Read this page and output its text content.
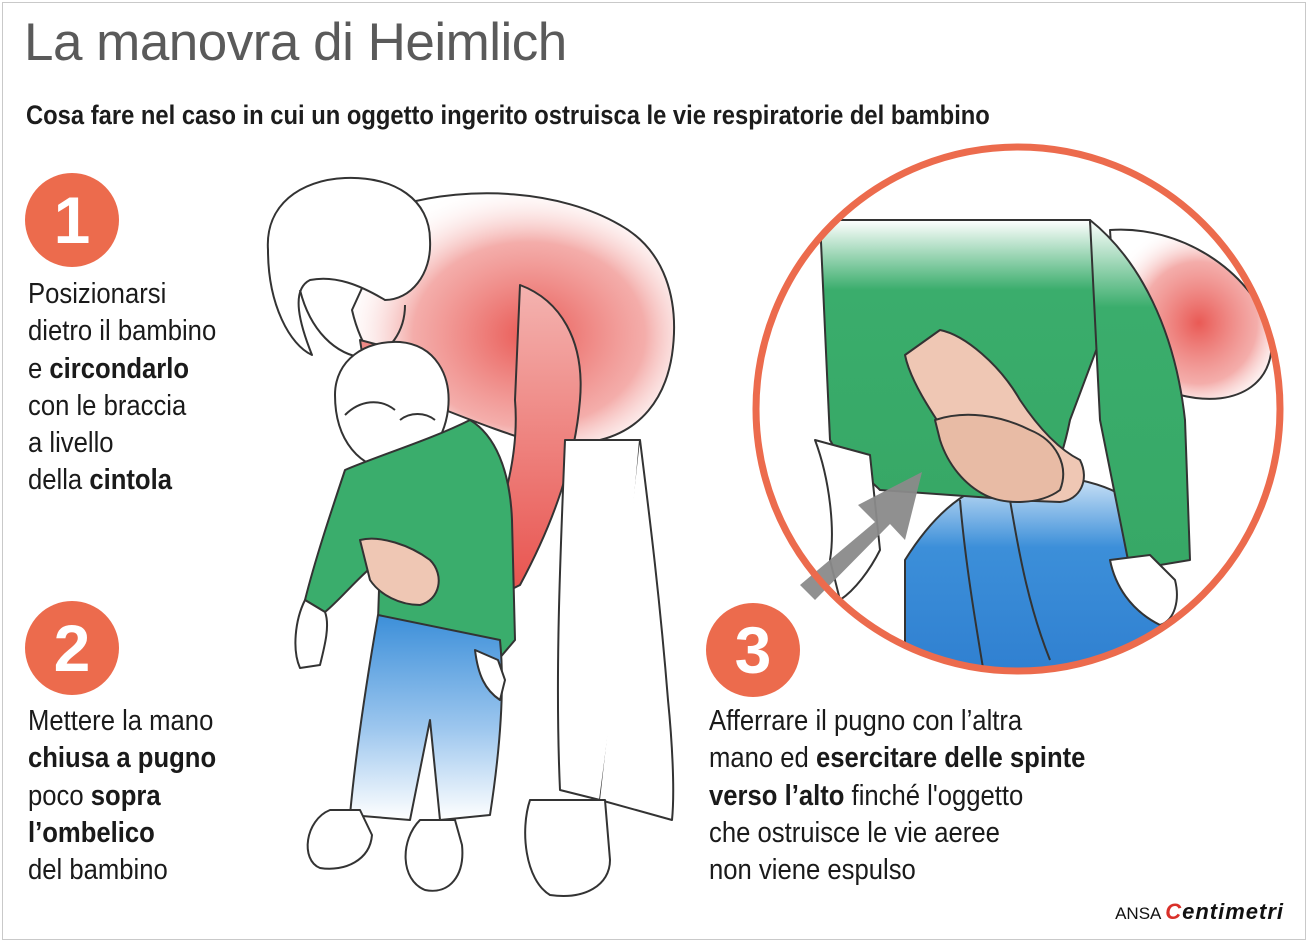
La manovra di Heimlich
Cosa fare nel caso in cui un oggetto ingerito ostruisca le vie respiratorie del bambino
1
Posizionarsi
dietro il bambino
e circondarlo
con le braccia
a livello
della cintola
2
Mettere la mano
chiusa a pugno
poco sopra
l’ombelico
del bambino
3
Afferrare il pugno con l’altra
mano ed esercitare delle spinte
verso l’alto finché l'oggetto
che ostruisce le vie aeree
non viene espulso
ANSA Centimetri
